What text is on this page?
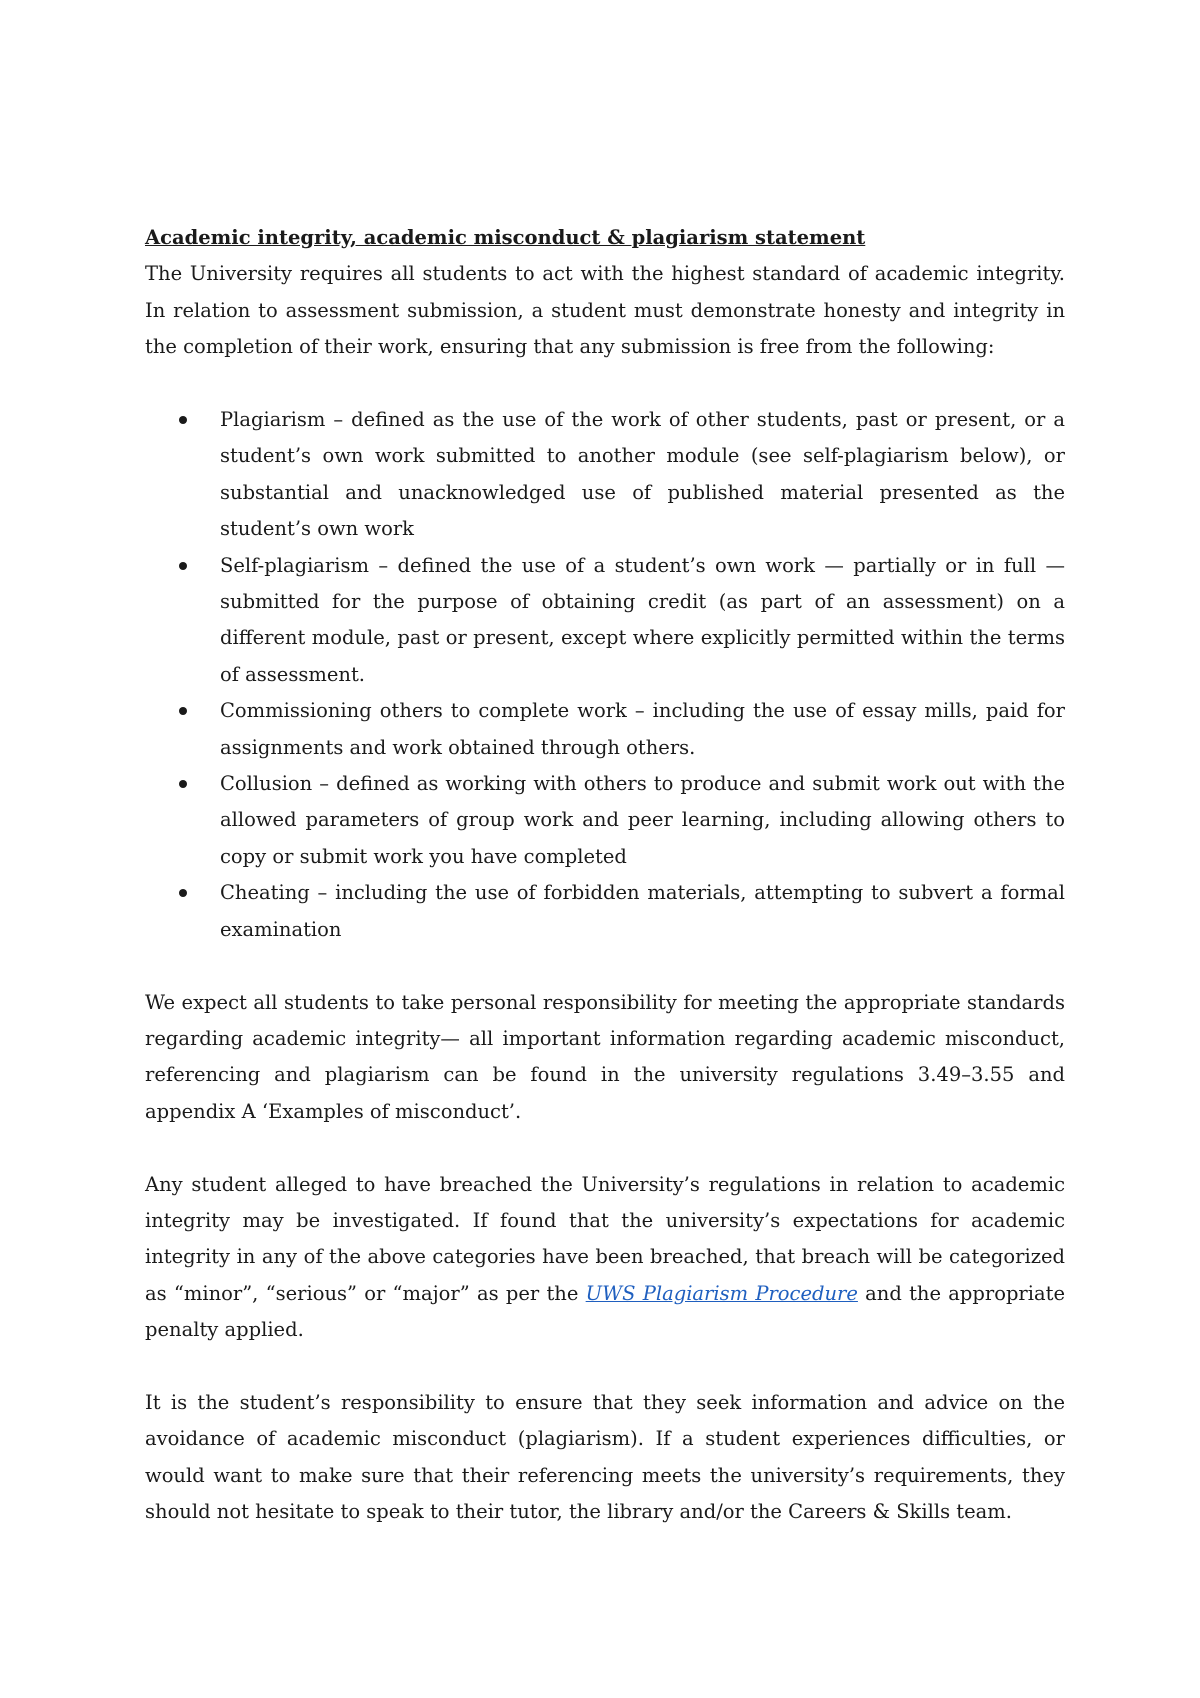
Academic integrity, academic misconduct & plagiarism statement

The University requires all students to act with the highest standard of academic integrity. In relation to assessment submission, a student must demonstrate honesty and integrity in the completion of their work, ensuring that any submission is free from the following:

Plagiarism – defined as the use of the work of other students, past or present, or a student’s own work submitted to another module (see self-plagiarism below), or substantial and unacknowledged use of published material presented as the student’s own work
Self-plagiarism – defined the use of a student’s own work — partially or in full — submitted for the purpose of obtaining credit (as part of an assessment) on a different module, past or present, except where explicitly permitted within the terms of assessment.
Commissioning others to complete work – including the use of essay mills, paid for assignments and work obtained through others.
Collusion – defined as working with others to produce and submit work out with the allowed parameters of group work and peer learning, including allowing others to copy or submit work you have completed
Cheating – including the use of forbidden materials, attempting to subvert a formal examination

We expect all students to take personal responsibility for meeting the appropriate standards regarding academic integrity— all important information regarding academic misconduct, referencing and plagiarism can be found in the university regulations 3.49–3.55 and appendix A ‘Examples of misconduct’.

Any student alleged to have breached the University’s regulations in relation to academic integrity may be investigated. If found that the university’s expectations for academic integrity in any of the above categories have been breached, that breach will be categorized as “minor”, “serious” or “major” as per the UWS Plagiarism Procedure and the appropriate penalty applied.

It is the student’s responsibility to ensure that they seek information and advice on the avoidance of academic misconduct (plagiarism). If a student experiences difficulties, or would want to make sure that their referencing meets the university’s requirements, they should not hesitate to speak to their tutor, the library and/or the Careers & Skills team.
